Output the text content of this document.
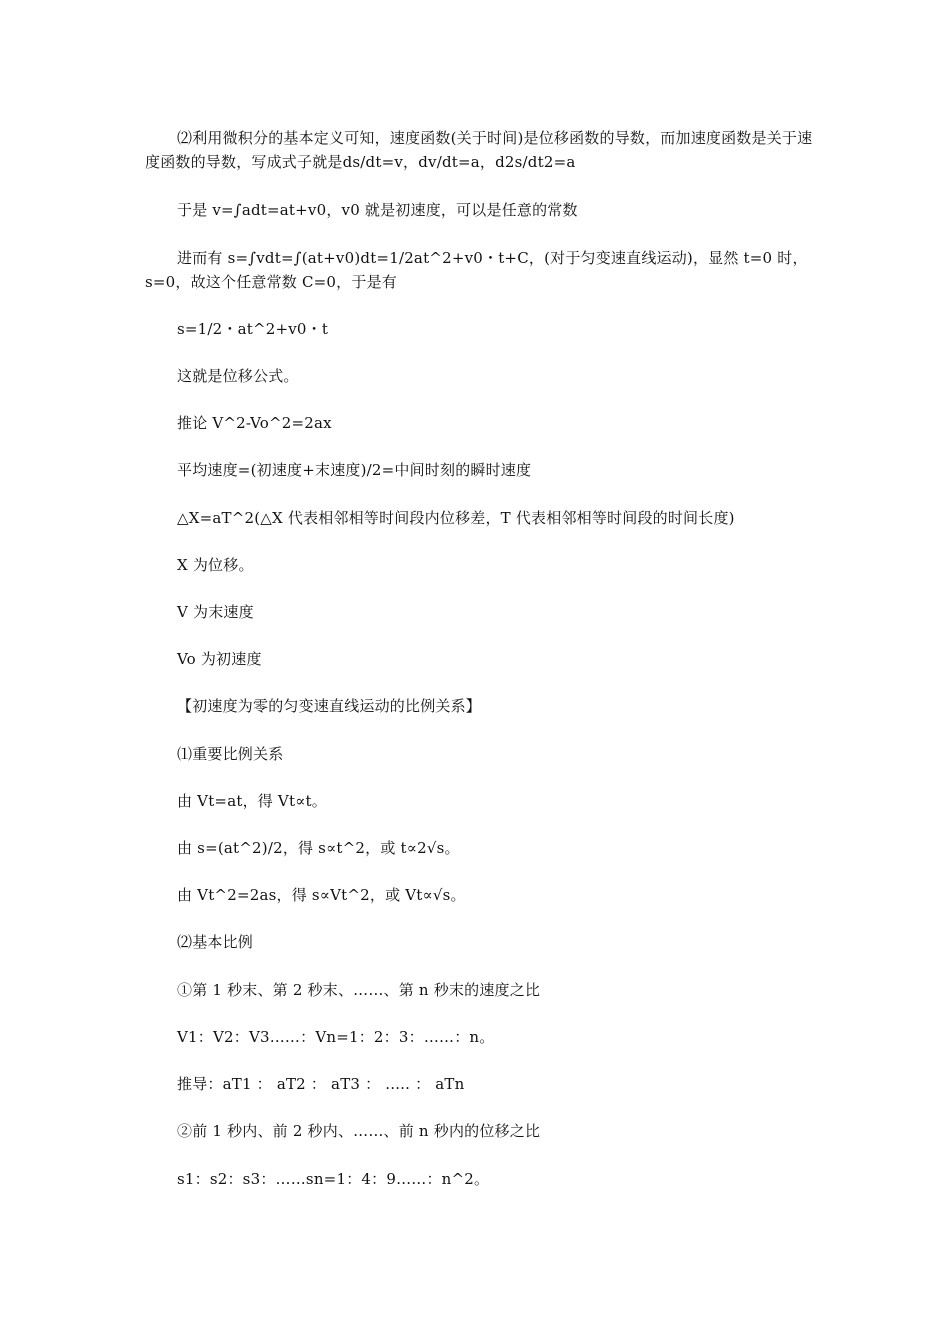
⑵利用微积分的基本定义可知，速度函数(关于时间)是位移函数的导数，而加速度函数是关于速度函数的导数，写成式子就是ds/dt=v，dv/dt=a，d2s/dt2=a
于是 v=∫adt=at+v0，v0 就是初速度，可以是任意的常数
进而有 s=∫vdt=∫(at+v0)dt=1/2at^2+v0・t+C，(对于匀变速直线运动)，显然 t=0 时，s=0，故这个任意常数 C=0，于是有
s=1/2・at^2+v0・t
这就是位移公式。
推论 V^2-Vo^2=2ax
平均速度=(初速度+末速度)/2=中间时刻的瞬时速度
△X=aT^2(△X 代表相邻相等时间段内位移差，T 代表相邻相等时间段的时间长度)
X 为位移。
V 为末速度
Vo 为初速度
【初速度为零的匀变速直线运动的比例关系】
⑴重要比例关系
由 Vt=at，得 Vt∝t。
由 s=(at^2)/2，得 s∝t^2，或 t∝2√s。
由 Vt^2=2as，得 s∝Vt^2，或 Vt∝√s。
⑵基本比例
①第 1 秒末、第 2 秒末、……、第 n 秒末的速度之比
V1：V2：V3……：Vn=1：2：3：……：n。
推导：aT1 ： aT2 ： aT3 ： ..... ： aTn
②前 1 秒内、前 2 秒内、……、前 n 秒内的位移之比
s1：s2：s3：……sn=1：4：9……：n^2。
